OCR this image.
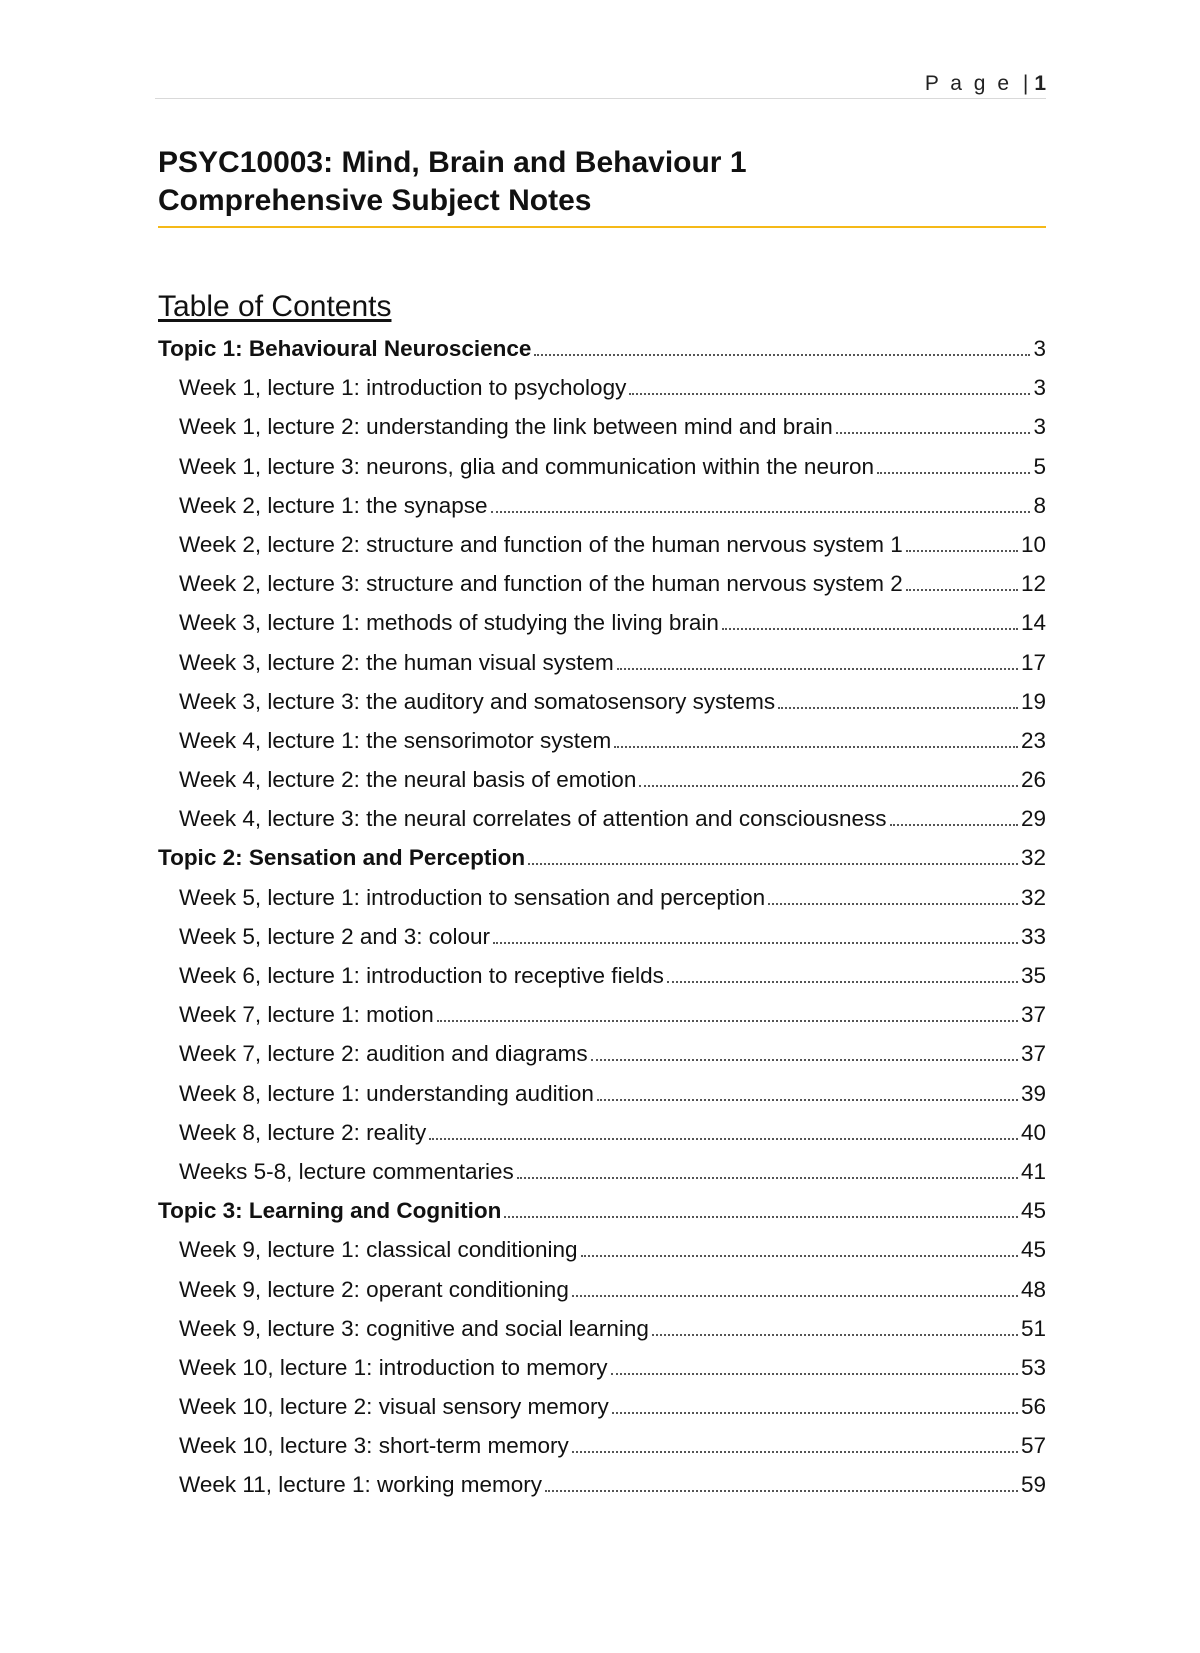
P a g e | 1
PSYC10003: Mind, Brain and Behaviour 1
Comprehensive Subject Notes
Table of Contents
Topic 1: Behavioural Neuroscience	3
Week 1, lecture 1: introduction to psychology	3
Week 1, lecture 2: understanding the link between mind and brain	3
Week 1, lecture 3: neurons, glia and communication within the neuron	5
Week 2, lecture 1: the synapse	8
Week 2, lecture 2: structure and function of the human nervous system 1	10
Week 2, lecture 3: structure and function of the human nervous system 2	12
Week 3, lecture 1: methods of studying the living brain	14
Week 3, lecture 2: the human visual system	17
Week 3, lecture 3: the auditory and somatosensory systems	19
Week 4, lecture 1: the sensorimotor system	23
Week 4, lecture 2: the neural basis of emotion	26
Week 4, lecture 3: the neural correlates of attention and consciousness	29
Topic 2: Sensation and Perception	32
Week 5, lecture 1: introduction to sensation and perception	32
Week 5, lecture 2 and 3: colour	33
Week 6, lecture 1: introduction to receptive fields	35
Week 7, lecture 1: motion	37
Week 7, lecture 2: audition and diagrams	37
Week 8, lecture 1: understanding audition	39
Week 8, lecture 2: reality	40
Weeks 5-8, lecture commentaries	41
Topic 3: Learning and Cognition	45
Week 9, lecture 1: classical conditioning	45
Week 9, lecture 2: operant conditioning	48
Week 9, lecture 3: cognitive and social learning	51
Week 10, lecture 1: introduction to memory	53
Week 10, lecture 2: visual sensory memory	56
Week 10, lecture 3: short-term memory	57
Week 11, lecture 1: working memory	59
